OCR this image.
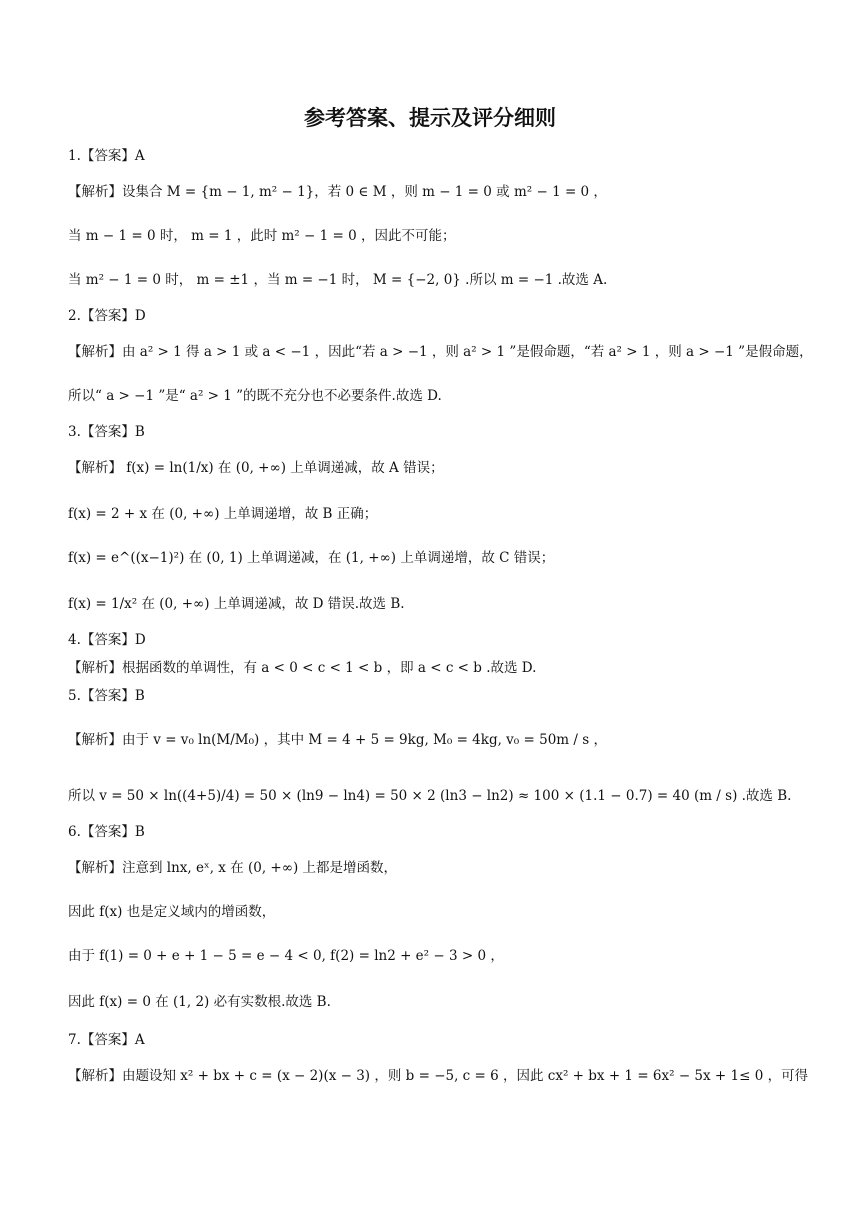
参考答案、提示及评分细则
1.【答案】A
【解析】设集合 M = {m − 1, m² − 1}，若 0 ∈ M ，则 m − 1 = 0 或 m² − 1 = 0 ，
当 m − 1 = 0 时， m = 1 ，此时 m² − 1 = 0 ，因此不可能；
当 m² − 1 = 0 时， m = ±1 ，当 m = −1 时， M = {−2, 0} .所以 m = −1 .故选 A.
2.【答案】D
【解析】由 a² > 1 得 a > 1 或 a < −1 ，因此“若 a > −1 ，则 a² > 1 ”是假命题，“若 a² > 1 ，则 a > −1 ”是假命题，
所以“ a > −1 ”是“ a² > 1 ”的既不充分也不必要条件.故选 D.
3.【答案】B
【解析】 f(x) = ln(1/x) 在 (0, +∞) 上单调递减，故 A 错误；
f(x) = 2 + x 在 (0, +∞) 上单调递增，故 B 正确；
f(x) = e^((x−1)²) 在 (0, 1) 上单调递减，在 (1, +∞) 上单调递增，故 C 错误；
f(x) = 1/x² 在 (0, +∞) 上单调递减，故 D 错误.故选 B.
4.【答案】D
【解析】根据函数的单调性，有 a < 0 < c < 1 < b ，即 a < c < b .故选 D.
5.【答案】B
【解析】由于 v = v₀ ln(M/M₀) ，其中 M = 4 + 5 = 9kg, M₀ = 4kg, v₀ = 50m / s ，
所以 v = 50 × ln((4+5)/4) = 50 × (ln9 − ln4) = 50 × 2 (ln3 − ln2) ≈ 100 × (1.1 − 0.7) = 40 (m / s) .故选 B.
6.【答案】B
【解析】注意到 lnx, eˣ, x 在 (0, +∞) 上都是增函数，
因此 f(x) 也是定义域内的增函数，
由于 f(1) = 0 + e + 1 − 5 = e − 4 < 0, f(2) = ln2 + e² − 3 > 0 ，
因此 f(x) = 0 在 (1, 2) 必有实数根.故选 B.
7.【答案】A
【解析】由题设知 x² + bx + c = (x − 2)(x − 3) ，则 b = −5, c = 6 ，因此 cx² + bx + 1 = 6x² − 5x + 1≤ 0 ，可得
